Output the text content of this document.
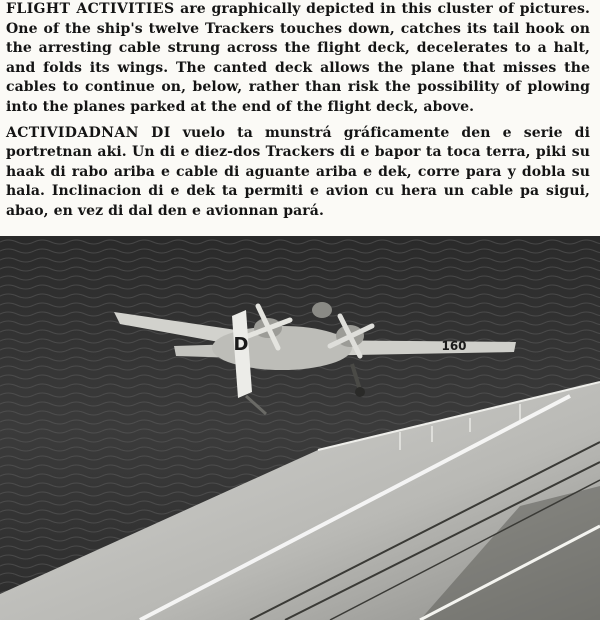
FLIGHT ACTIVITIES are graphically depicted in this cluster of pictures. One of the ship's twelve Trackers touches down, catches its tail hook on the arresting cable strung across the flight deck, decelerates to a halt, and folds its wings. The canted deck allows the plane that misses the cables to continue on, below, rather than risk the possibility of plowing into the planes parked at the end of the flight deck, above.

ACTIVIDADNAN DI vuelo ta munstrá gráficamente den e serie di portretnan aki. Un di e diez-dos Trackers di e bapor ta toca terra, piki su haak di rabo ariba e cable di aguante ariba e dek, corre para y dobla su hala. Inclinacion di e dek ta permiti e avion cu hera un cable pa sigui, abao, en vez di dal den e avionnan pará.

D	160
